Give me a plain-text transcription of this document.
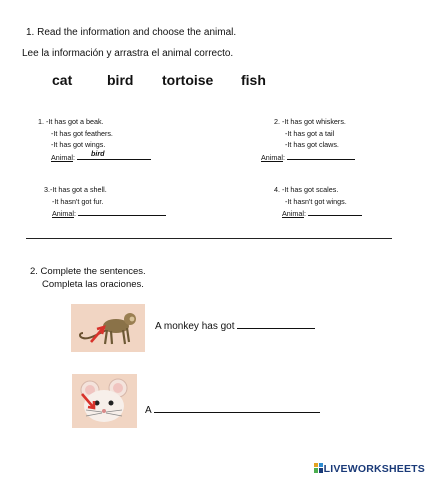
1. Read the information and choose the animal.
Lee la información y arrastra el animal correcto.
cat bird tortoise fish
1. -It has got a beak.
-It has got feathers.
-It has got wings.
Animal: bird
2. -It has got whiskers.
-It has got a tail
-It has got claws.
Animal:
3.-It has got a shell.
-It hasn't got fur.
Animal:
4. -It has got scales.
-It hasn't got wings.
Animal:
2. Complete the sentences.
Completa las oraciones.
A monkey has got
A
LIVEWORKSHEETS
